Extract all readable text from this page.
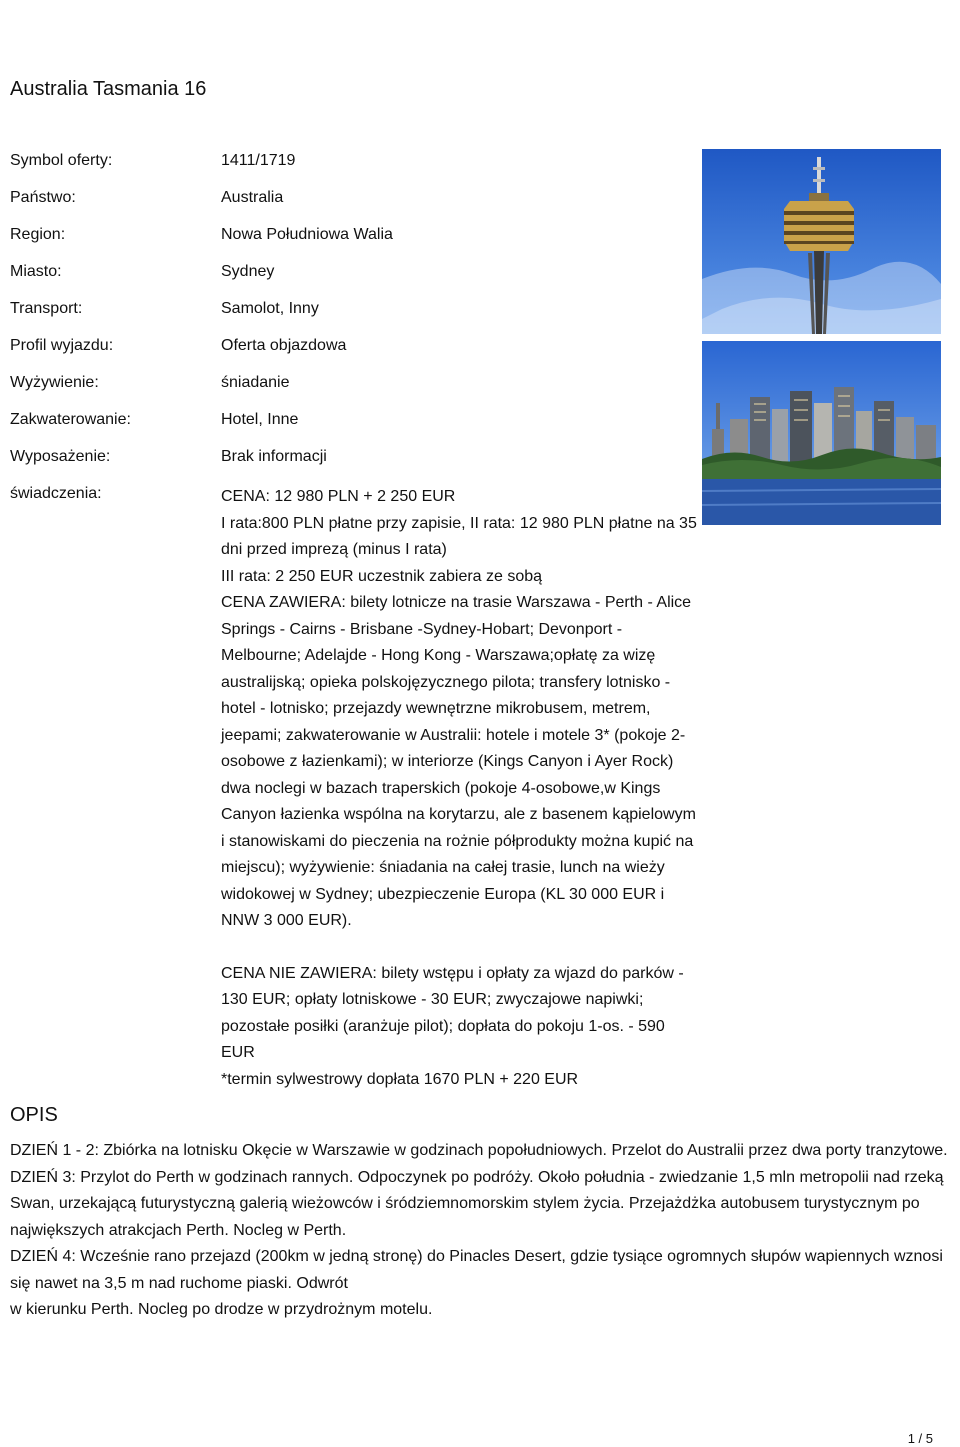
Australia Tasmania 16
Symbol oferty:	1411/1719
Państwo:	Australia
Region:	Nowa Południowa Walia
Miasto:	Sydney
Transport:	Samolot, Inny
Profil wyjazdu:	Oferta objazdowa
Wyżywienie:	śniadanie
Zakwaterowanie:	Hotel, Inne
Wyposażenie:	Brak informacji
świadczenia:	CENA: 12 980 PLN + 2 250 EUR

I rata:800 PLN płatne przy zapisie, II rata: 12 980 PLN płatne na 35 dni przed imprezą (minus I rata)

III rata: 2 250 EUR uczestnik zabiera ze sobą

CENA ZAWIERA: bilety lotnicze na trasie Warszawa - Perth - Alice Springs - Cairns - Brisbane -Sydney-Hobart; Devonport - Melbourne; Adelajde - Hong Kong - Warszawa;opłatę za wizę australijską; opieka polskojęzycznego pilota; transfery lotnisko - hotel - lotnisko; przejazdy wewnętrzne mikrobusem, metrem, jeepami; zakwaterowanie w Australii: hotele i motele 3* (pokoje 2-osobowe z łazienkami); w interiorze (Kings Canyon i Ayer Rock) dwa noclegi w bazach traperskich (pokoje 4-osobowe,w Kings Canyon łazienka wspólna na korytarzu, ale z basenem kąpielowym i stanowiskami do pieczenia na rożnie półprodukty można kupić na miejscu); wyżywienie: śniadania na całej trasie, lunch na wieży widokowej w Sydney; ubezpieczenie Europa (KL 30 000 EUR i NNW 3 000 EUR).

CENA NIE ZAWIERA: bilety wstępu i opłaty za wjazd do parków - 130 EUR; opłaty lotniskowe - 30 EUR; zwyczajowe napiwki; pozostałe posiłki (aranżuje pilot); dopłata do pokoju 1-os. - 590 EUR

*termin sylwestrowy dopłata 1670 PLN + 220 EUR

OPIS

DZIEŃ 1 - 2: Zbiórka na lotnisku Okęcie w Warszawie w godzinach popołudniowych. Przelot do Australii przez dwa porty tranzytowe.

DZIEŃ 3: Przylot do Perth w godzinach rannych. Odpoczynek po podróży. Około południa - zwiedzanie 1,5 mln metropolii nad rzeką Swan, urzekającą futurystyczną galerią wieżowców i śródziemnomorskim stylem życia. Przejażdżka autobusem turystycznym po największych atrakcjach Perth. Nocleg w Perth.

DZIEŃ 4: Wcześnie rano przejazd (200km w jedną stronę) do Pinacles Desert, gdzie tysiące ogromnych słupów wapiennych wznosi się nawet na 3,5 m nad ruchome piaski. Odwrót

w kierunku Perth. Nocleg po drodze w przydrożnym motelu.

1 / 5
